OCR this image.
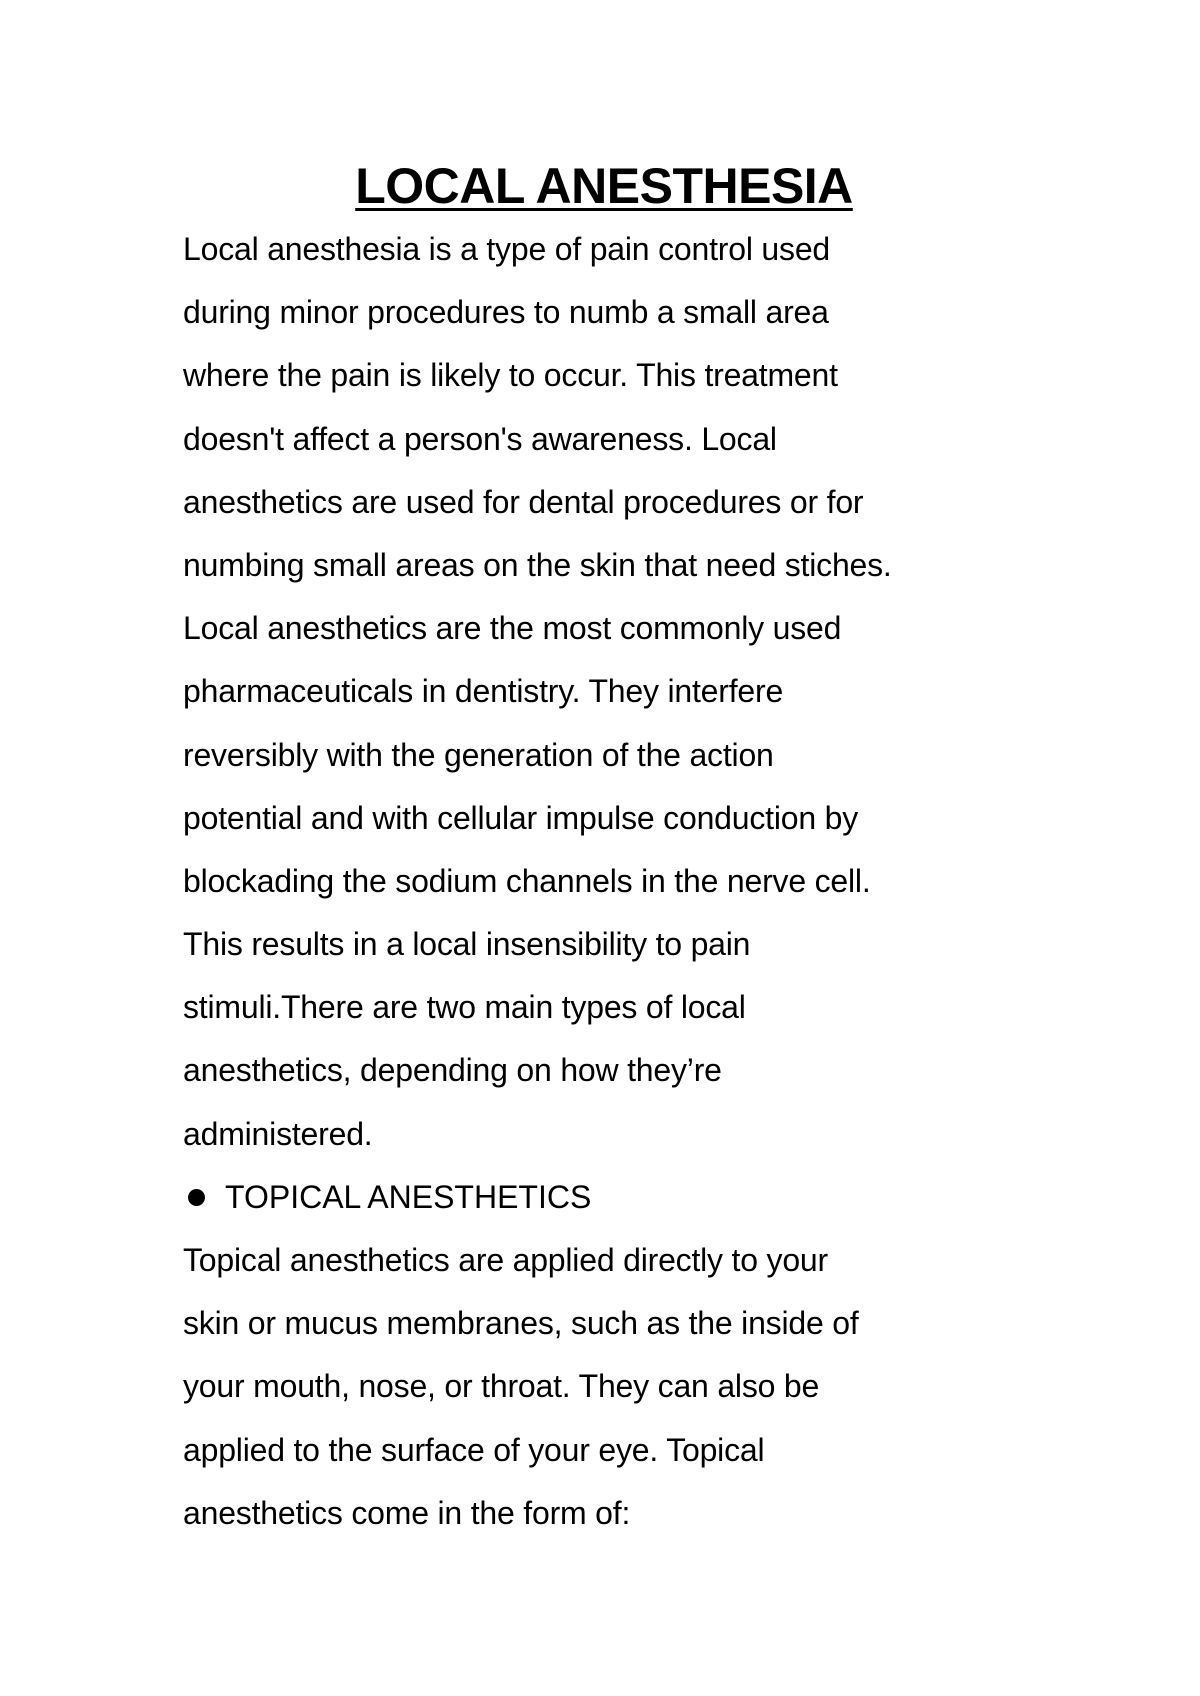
LOCAL ANESTHESIA
Local anesthesia is a type of pain control used
during minor procedures to numb a small area
where the pain is likely to occur. This treatment
doesn't affect a person's awareness. Local
anesthetics are used for dental procedures or for
numbing small areas on the skin that need stiches.
Local anesthetics are the most commonly used
pharmaceuticals in dentistry. They interfere
reversibly with the generation of the action
potential and with cellular impulse conduction by
blockading the sodium channels in the nerve cell.
This results in a local insensibility to pain
stimuli.There are two main types of local
anesthetics, depending on how they’re
administered.
TOPICAL ANESTHETICS
Topical anesthetics are applied directly to your
skin or mucus membranes, such as the inside of
your mouth, nose, or throat. They can also be
applied to the surface of your eye. Topical
anesthetics come in the form of:
